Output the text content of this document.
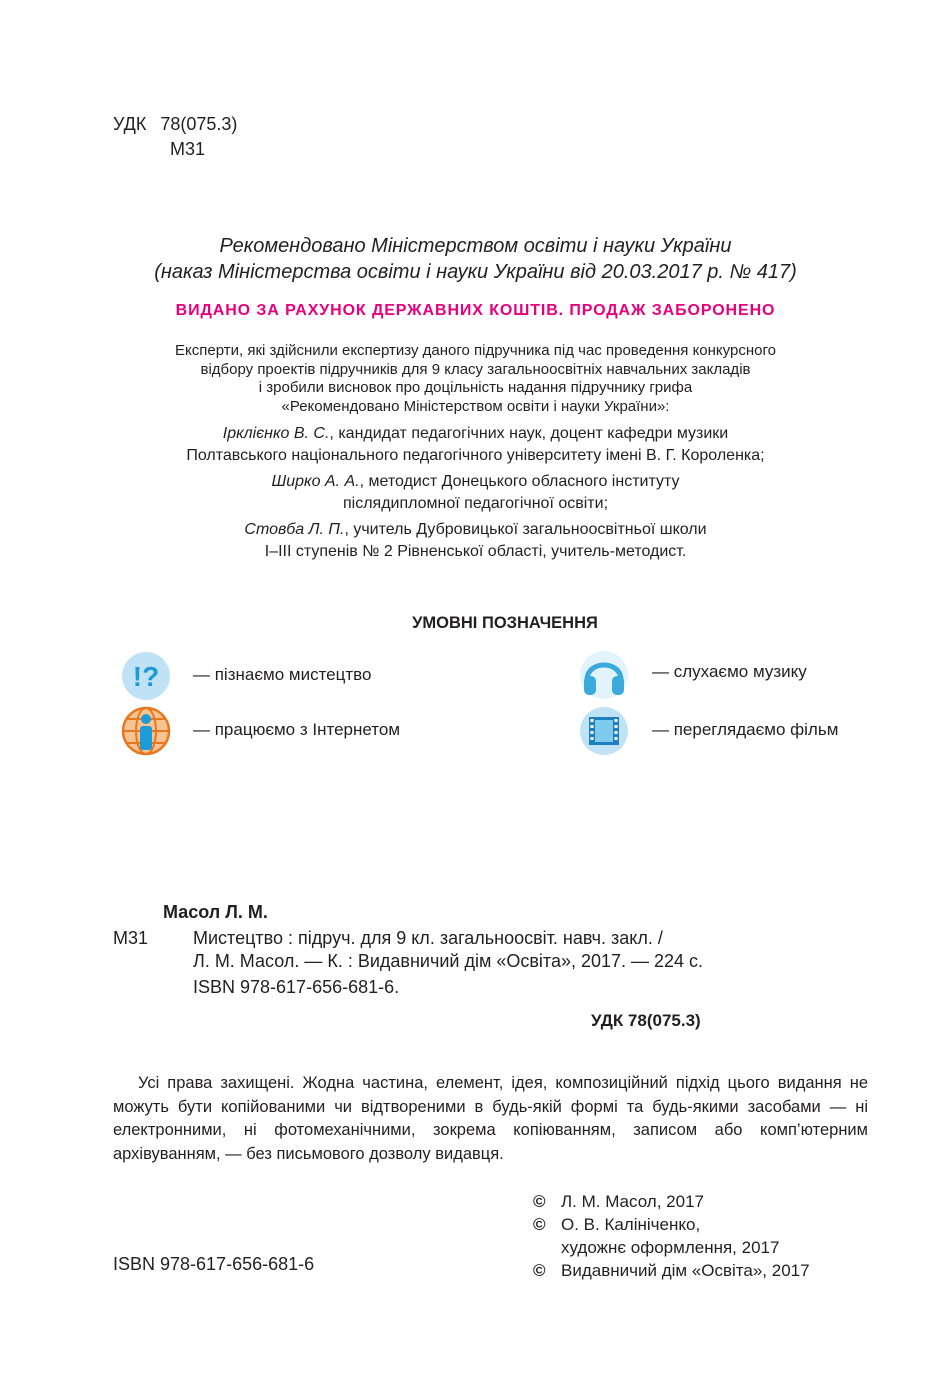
УДК 78(075.3)
М31
Рекомендовано Міністерством освіти і науки України
(наказ Міністерства освіти і науки України від 20.03.2017 р. № 417)
ВИДАНО ЗА РАХУНОК ДЕРЖАВНИХ КОШТІВ. ПРОДАЖ ЗАБОРОНЕНО
Експерти, які здійснили експертизу даного підручника під час проведення конкурсного
відбору проектів підручників для 9 класу загальноосвітніх навчальних закладів
і зробили висновок про доцільність надання підручнику грифа
«Рекомендовано Міністерством освіти і науки України»:
Ірклієнко В. С., кандидат педагогічних наук, доцент кафедри музики
Полтавського національного педагогічного університету імені В. Г. Короленка;
Ширко А. А., методист Донецького обласного інституту
післядипломної педагогічної освіти;
Стовба Л. П., учитель Дубровицької загальноосвітньої школи
I–III ступенів № 2 Рівненської області, учитель-методист.
УМОВНІ ПОЗНАЧЕННЯ
!? — пізнаємо мистецтво	— слухаємо музику
— працюємо з Інтернетом	— переглядаємо фільм
Масол Л. М.
М31 Мистецтво : підруч. для 9 кл. загальноосвіт. навч. закл. /
Л. М. Масол. — К. : Видавничий дім «Освіта», 2017. — 224 с.
ISBN 978-617-656-681-6.
УДК 78(075.3)
Усі права захищені. Жодна частина, елемент, ідея, композиційний підхід цього видання не можуть бути копійованими чи відтвореними в будь-якій формі та будь-якими засобами — ні електронними, ні фотомеханічними, зокрема копіюванням, записом або комп’ютерним архівуванням, — без письмового дозволу видавця.
ISBN 978-617-656-681-6
© Л. М. Масол, 2017
© О. В. Калініченко,
художнє оформлення, 2017
© Видавничий дім «Освіта», 2017
